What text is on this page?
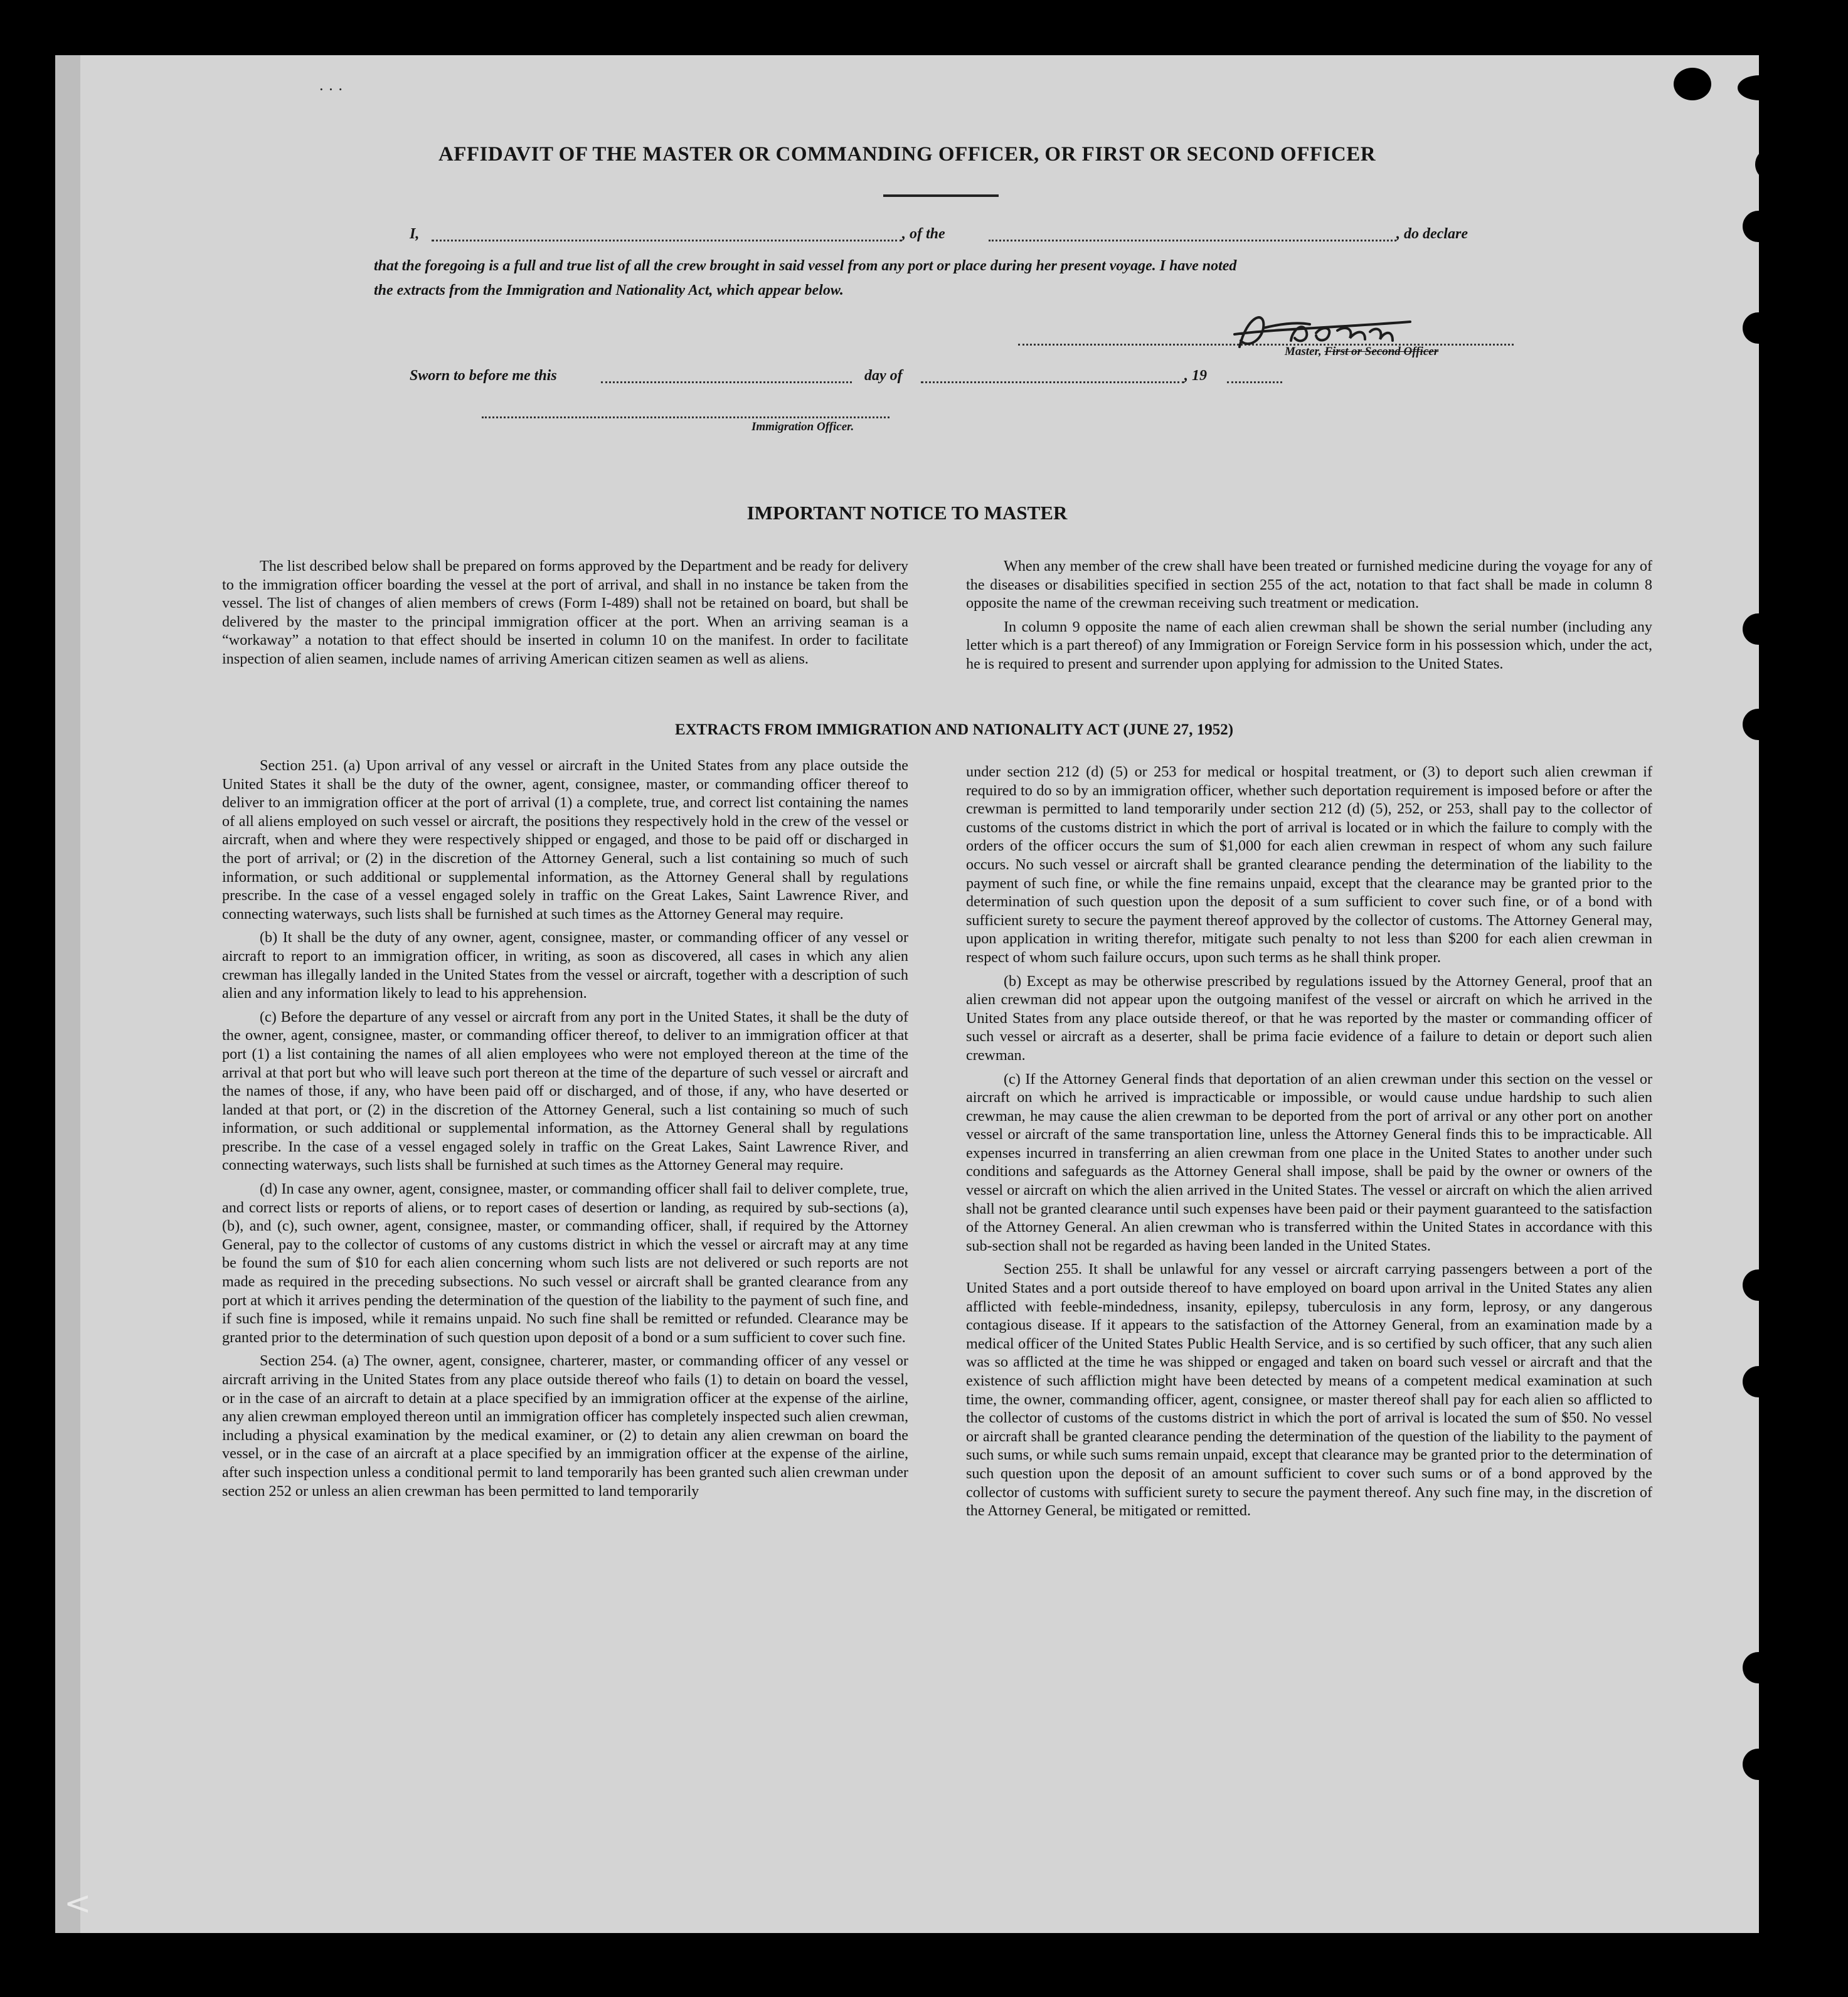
· · ·
AFFIDAVIT OF THE MASTER OR COMMANDING OFFICER, OR FIRST OR SECOND OFFICER
I,	, of the	, do declare
that the foregoing is a full and true list of all the crew brought in said vessel from any port or place during her present voyage. I have noted
the extracts from the Immigration and Nationality Act, which appear below.
Master, First or Second Officer
Sworn to before me this	day of	, 19
Immigration Officer.
IMPORTANT NOTICE TO MASTER

The list described below shall be prepared on forms approved by the Department and be ready for delivery to the immigration officer boarding the vessel at the port of arrival, and shall in no instance be taken from the vessel. The list of changes of alien members of crews (Form I-489) shall not be retained on board, but shall be delivered by the master to the principal immigration officer at the port. When an arriving seaman is a “workaway” a notation to that effect should be inserted in column 10 on the manifest. In order to facilitate inspection of alien seamen, include names of arriving American citizen seamen as well as aliens.

When any member of the crew shall have been treated or furnished medicine during the voyage for any of the diseases or disabilities specified in section 255 of the act, notation to that fact shall be made in column 8 opposite the name of the crewman receiving such treatment or medication.

In column 9 opposite the name of each alien crewman shall be shown the serial number (including any letter which is a part thereof) of any Immigration or Foreign Service form in his possession which, under the act, he is required to present and surrender upon applying for admission to the United States.

EXTRACTS FROM IMMIGRATION AND NATIONALITY ACT (JUNE 27, 1952)

Section 251. (a) Upon arrival of any vessel or aircraft in the United States from any place outside the United States it shall be the duty of the owner, agent, consignee, master, or commanding officer thereof to deliver to an immigration officer at the port of arrival (1) a complete, true, and correct list containing the names of all aliens employed on such vessel or aircraft, the positions they respectively hold in the crew of the vessel or aircraft, when and where they were respectively shipped or engaged, and those to be paid off or discharged in the port of arrival; or (2) in the discretion of the Attorney General, such a list containing so much of such information, or such additional or supplemental information, as the Attorney General shall by regulations prescribe. In the case of a vessel engaged solely in traffic on the Great Lakes, Saint Lawrence River, and connecting waterways, such lists shall be furnished at such times as the Attorney General may require.

(b) It shall be the duty of any owner, agent, consignee, master, or commanding officer of any vessel or aircraft to report to an immigration officer, in writing, as soon as discovered, all cases in which any alien crewman has illegally landed in the United States from the vessel or aircraft, together with a description of such alien and any information likely to lead to his apprehension.

(c) Before the departure of any vessel or aircraft from any port in the United States, it shall be the duty of the owner, agent, consignee, master, or commanding officer thereof, to deliver to an immigration officer at that port (1) a list containing the names of all alien employees who were not employed thereon at the time of the arrival at that port but who will leave such port thereon at the time of the departure of such vessel or aircraft and the names of those, if any, who have been paid off or discharged, and of those, if any, who have deserted or landed at that port, or (2) in the discretion of the Attorney General, such a list containing so much of such information, or such additional or supplemental information, as the Attorney General shall by regulations prescribe. In the case of a vessel engaged solely in traffic on the Great Lakes, Saint Lawrence River, and connecting waterways, such lists shall be furnished at such times as the Attorney General may require.

(d) In case any owner, agent, consignee, master, or commanding officer shall fail to deliver complete, true, and correct lists or reports of aliens, or to report cases of desertion or landing, as required by sub-sections (a), (b), and (c), such owner, agent, consignee, master, or commanding officer, shall, if required by the Attorney General, pay to the collector of customs of any customs district in which the vessel or aircraft may at any time be found the sum of $10 for each alien concerning whom such lists are not delivered or such reports are not made as required in the preceding subsections. No such vessel or aircraft shall be granted clearance from any port at which it arrives pending the determination of the question of the liability to the payment of such fine, and if such fine is imposed, while it remains unpaid. No such fine shall be remitted or refunded. Clearance may be granted prior to the determination of such question upon deposit of a bond or a sum sufficient to cover such fine.

Section 254. (a) The owner, agent, consignee, charterer, master, or commanding officer of any vessel or aircraft arriving in the United States from any place outside thereof who fails (1) to detain on board the vessel, or in the case of an aircraft to detain at a place specified by an immigration officer at the expense of the airline, any alien crewman employed thereon until an immigration officer has completely inspected such alien crewman, including a physical examination by the medical examiner, or (2) to detain any alien crewman on board the vessel, or in the case of an aircraft at a place specified by an immigration officer at the expense of the airline, after such inspection unless a conditional permit to land temporarily has been granted such alien crewman under section 252 or unless an alien crewman has been permitted to land temporarily

under section 212 (d) (5) or 253 for medical or hospital treatment, or (3) to deport such alien crewman if required to do so by an immigration officer, whether such deportation requirement is imposed before or after the crewman is permitted to land temporarily under section 212 (d) (5), 252, or 253, shall pay to the collector of customs of the customs district in which the port of arrival is located or in which the failure to comply with the orders of the officer occurs the sum of $1,000 for each alien crewman in respect of whom any such failure occurs. No such vessel or aircraft shall be granted clearance pending the determination of the liability to the payment of such fine, or while the fine remains unpaid, except that the clearance may be granted prior to the determination of such question upon the deposit of a sum sufficient to cover such fine, or of a bond with sufficient surety to secure the payment thereof approved by the collector of customs. The Attorney General may, upon application in writing therefor, mitigate such penalty to not less than $200 for each alien crewman in respect of whom such failure occurs, upon such terms as he shall think proper.

(b) Except as may be otherwise prescribed by regulations issued by the Attorney General, proof that an alien crewman did not appear upon the outgoing manifest of the vessel or aircraft on which he arrived in the United States from any place outside thereof, or that he was reported by the master or commanding officer of such vessel or aircraft as a deserter, shall be prima facie evidence of a failure to detain or deport such alien crewman.

(c) If the Attorney General finds that deportation of an alien crewman under this section on the vessel or aircraft on which he arrived is impracticable or impossible, or would cause undue hardship to such alien crewman, he may cause the alien crewman to be deported from the port of arrival or any other port on another vessel or aircraft of the same transportation line, unless the Attorney General finds this to be impracticable. All expenses incurred in transferring an alien crewman from one place in the United States to another under such conditions and safeguards as the Attorney General shall impose, shall be paid by the owner or owners of the vessel or aircraft on which the alien arrived in the United States. The vessel or aircraft on which the alien arrived shall not be granted clearance until such expenses have been paid or their payment guaranteed to the satisfaction of the Attorney General. An alien crewman who is transferred within the United States in accordance with this sub-section shall not be regarded as having been landed in the United States.

Section 255. It shall be unlawful for any vessel or aircraft carrying passengers between a port of the United States and a port outside thereof to have employed on board upon arrival in the United States any alien afflicted with feeble-mindedness, insanity, epilepsy, tuberculosis in any form, leprosy, or any dangerous contagious disease. If it appears to the satisfaction of the Attorney General, from an examination made by a medical officer of the United States Public Health Service, and is so certified by such officer, that any such alien was so afflicted at the time he was shipped or engaged and taken on board such vessel or aircraft and that the existence of such affliction might have been detected by means of a competent medical examination at such time, the owner, commanding officer, agent, consignee, or master thereof shall pay for each alien so afflicted to the collector of customs of the customs district in which the port of arrival is located the sum of $50. No vessel or aircraft shall be granted clearance pending the determination of the question of the liability to the payment of such sums, or while such sums remain unpaid, except that clearance may be granted prior to the determination of such question upon the deposit of an amount sufficient to cover such sums or of a bond approved by the collector of customs with sufficient surety to secure the payment thereof. Any such fine may, in the discretion of the Attorney General, be mitigated or remitted.

<
